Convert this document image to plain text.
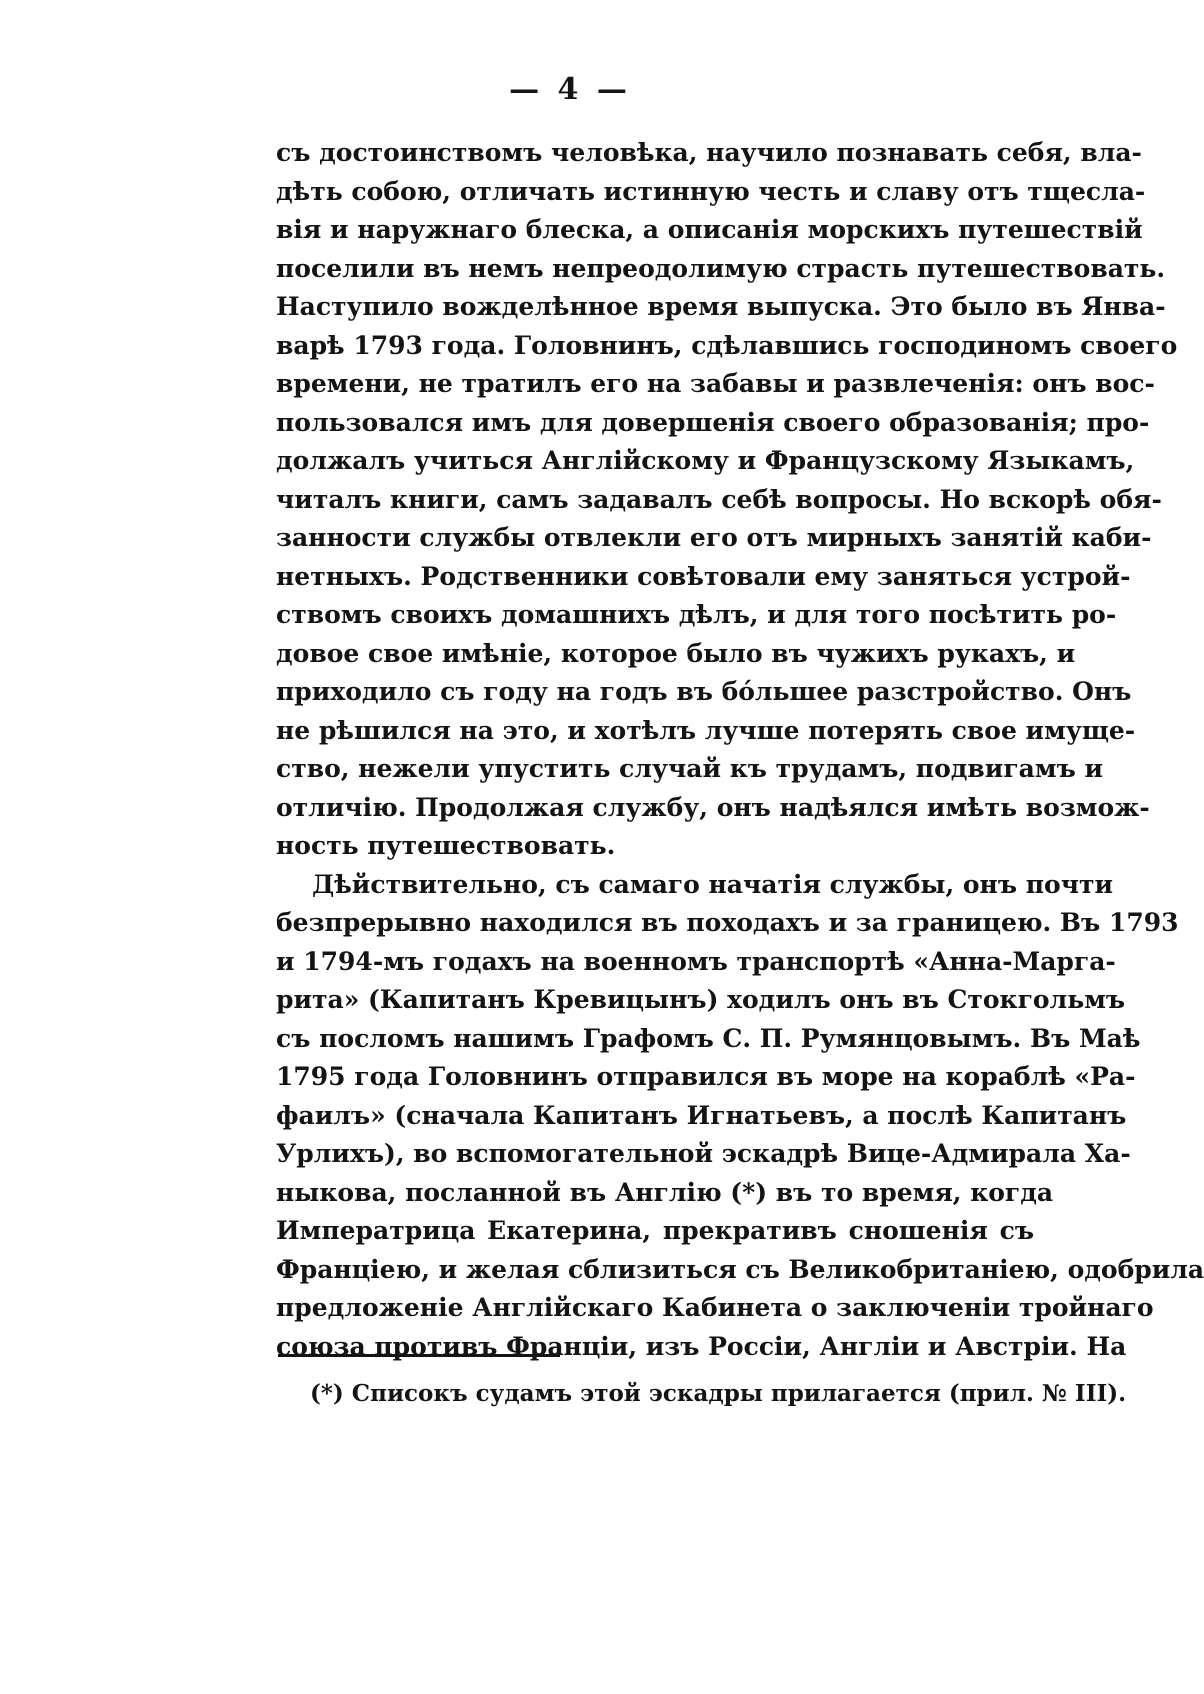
— 4 —
съ достоинствомъ человѣка, научило познавать себя, вла-
дѣть собою, отличать истинную честь и славу отъ тщесла-
вія и наружнаго блеска, а описанія морскихъ путешествій
поселили въ немъ непреодолимую страсть путешествовать.
Наступило вожделѣнное время выпуска. Это было въ Янва-
варѣ 1793 года. Головнинъ, сдѣлавшись господиномъ своего
времени, не тратилъ его на забавы и развлеченія: онъ вос-
пользовался имъ для довершенія своего образованія; про-
должалъ учиться Англійскому и Французскому Языкамъ,
читалъ книги, самъ задавалъ себѣ вопросы. Но вскорѣ обя-
занности службы отвлекли его отъ мирныхъ занятій каби-
нетныхъ. Родственники совѣтовали ему заняться устрой-
ствомъ своихъ домашнихъ дѣлъ, и для того посѣтить ро-
довое свое имѣніе, которое было въ чужихъ рукахъ, и
приходило съ году на годъ въ бо́льшее разстройство. Онъ
не рѣшился на это, и хотѣлъ лучше потерять свое имуще-
ство, нежели упустить случай къ трудамъ, подвигамъ и
отличію. Продолжая службу, онъ надѣялся имѣть возмож-
ность путешествовать.
Дѣйствительно, съ самаго начатія службы, онъ почти
безпрерывно находился въ походахъ и за границею. Въ 1793
и 1794-мъ годахъ на военномъ транспортѣ «Анна-Марга-
рита» (Капитанъ Кревицынъ) ходилъ онъ въ Стокгольмъ
съ посломъ нашимъ Графомъ С. П. Румянцовымъ. Въ Маѣ
1795 года Головнинъ отправился въ море на кораблѣ «Ра-
фаилъ» (сначала Капитанъ Игнатьевъ, а послѣ Капитанъ
Урлихъ), во вспомогательной эскадрѣ Вице-Адмирала Ха-
ныкова, посланной въ Англію (*) въ то время, когда
Императрица Екатерина, прекративъ сношенія съ
Франціею, и желая сблизиться съ Великобританіею, одобрила
предложеніе Англійскаго Кабинета о заключеніи тройнаго
союза противъ Франціи, изъ Россіи, Англіи и Австріи. На
(*) Списокъ судамъ этой эскадры прилагается (прил. № III).
